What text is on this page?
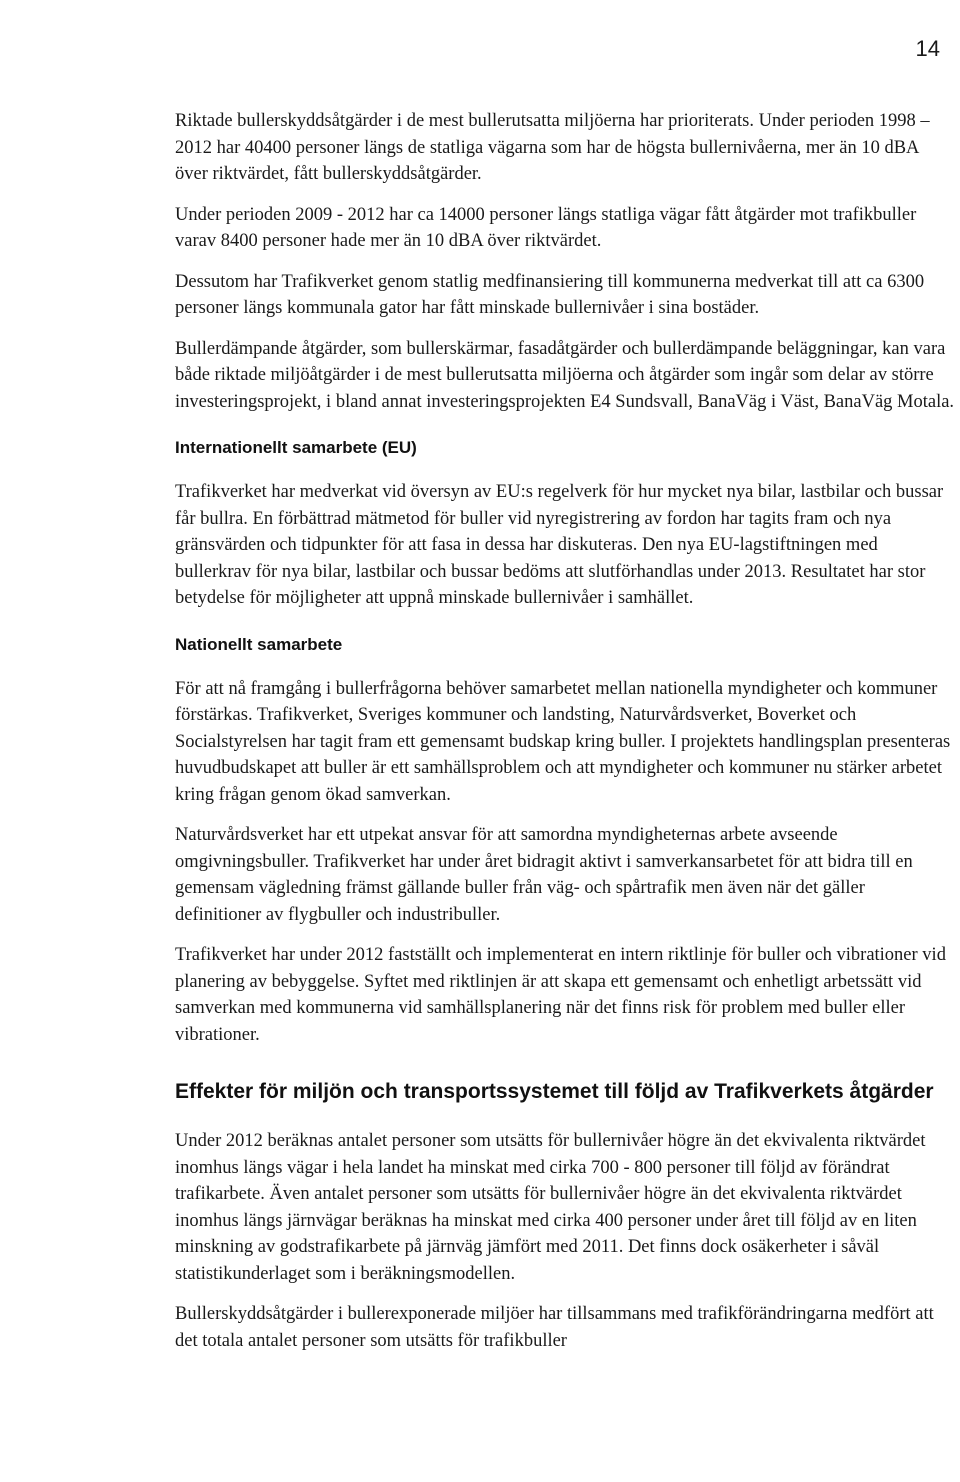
14

Riktade bullerskyddsåtgärder i de mest bullerutsatta miljöerna har prioriterats. Under perioden 1998 – 2012 har 40400 personer längs de statliga vägarna som har de högsta bullernivåerna, mer än 10 dBA över riktvärdet, fått bullerskyddsåtgärder.

Under perioden 2009 - 2012 har ca 14000 personer längs statliga vägar fått åtgärder mot trafikbuller varav 8400 personer hade mer än 10 dBA över riktvärdet.

Dessutom har Trafikverket genom statlig medfinansiering till kommunerna medverkat till att ca 6300 personer längs kommunala gator har fått minskade bullernivåer i sina bostäder.

Bullerdämpande åtgärder, som bullerskärmar, fasadåtgärder och bullerdämpande beläggningar, kan vara både riktade miljöåtgärder i de mest bullerutsatta miljöerna och åtgärder som ingår som delar av större investeringsprojekt, i bland annat investeringsprojekten E4 Sundsvall, BanaVäg i Väst, BanaVäg Motala.

Internationellt samarbete (EU)

Trafikverket har medverkat vid översyn av EU:s regelverk för hur mycket nya bilar, lastbilar och bussar får bullra. En förbättrad mätmetod för buller vid nyregistrering av fordon har tagits fram och nya gränsvärden och tidpunkter för att fasa in dessa har diskuteras. Den nya EU-lagstiftningen med bullerkrav för nya bilar, lastbilar och bussar bedöms att slutförhandlas under 2013. Resultatet har stor betydelse för möjligheter att uppnå minskade bullernivåer i samhället.

Nationellt samarbete

För att nå framgång i bullerfrågorna behöver samarbetet mellan nationella myndigheter och kommuner förstärkas. Trafikverket, Sveriges kommuner och landsting, Naturvårdsverket, Boverket och Socialstyrelsen har tagit fram ett gemensamt budskap kring buller. I projektets handlingsplan presenteras huvudbudskapet att buller är ett samhällsproblem och att myndigheter och kommuner nu stärker arbetet kring frågan genom ökad samverkan.

Naturvårdsverket har ett utpekat ansvar för att samordna myndigheternas arbete avseende omgivningsbuller. Trafikverket har under året bidragit aktivt i samverkansarbetet för att bidra till en gemensam vägledning främst gällande buller från väg- och spårtrafik men även när det gäller definitioner av flygbuller och industribuller.

Trafikverket har under 2012 fastställt och implementerat en intern riktlinje för buller och vibrationer vid planering av bebyggelse. Syftet med riktlinjen är att skapa ett gemensamt och enhetligt arbetssätt vid samverkan med kommunerna vid samhällsplanering när det finns risk för problem med buller eller vibrationer.

Effekter för miljön och transportssystemet till följd av Trafikverkets åtgärder

Under 2012 beräknas antalet personer som utsätts för bullernivåer högre än det ekvivalenta riktvärdet inomhus längs vägar i hela landet ha minskat med cirka 700 - 800 personer till följd av förändrat trafikarbete. Även antalet personer som utsätts för bullernivåer högre än det ekvivalenta riktvärdet inomhus längs järnvägar beräknas ha minskat med cirka 400 personer under året till följd av en liten minskning av godstrafikarbete på järnväg jämfört med 2011. Det finns dock osäkerheter i såväl statistikunderlaget som i beräkningsmodellen.

Bullerskyddsåtgärder i bullerexponerade miljöer har tillsammans med trafikförändringarna medfört att det totala antalet personer som utsätts för trafikbuller
